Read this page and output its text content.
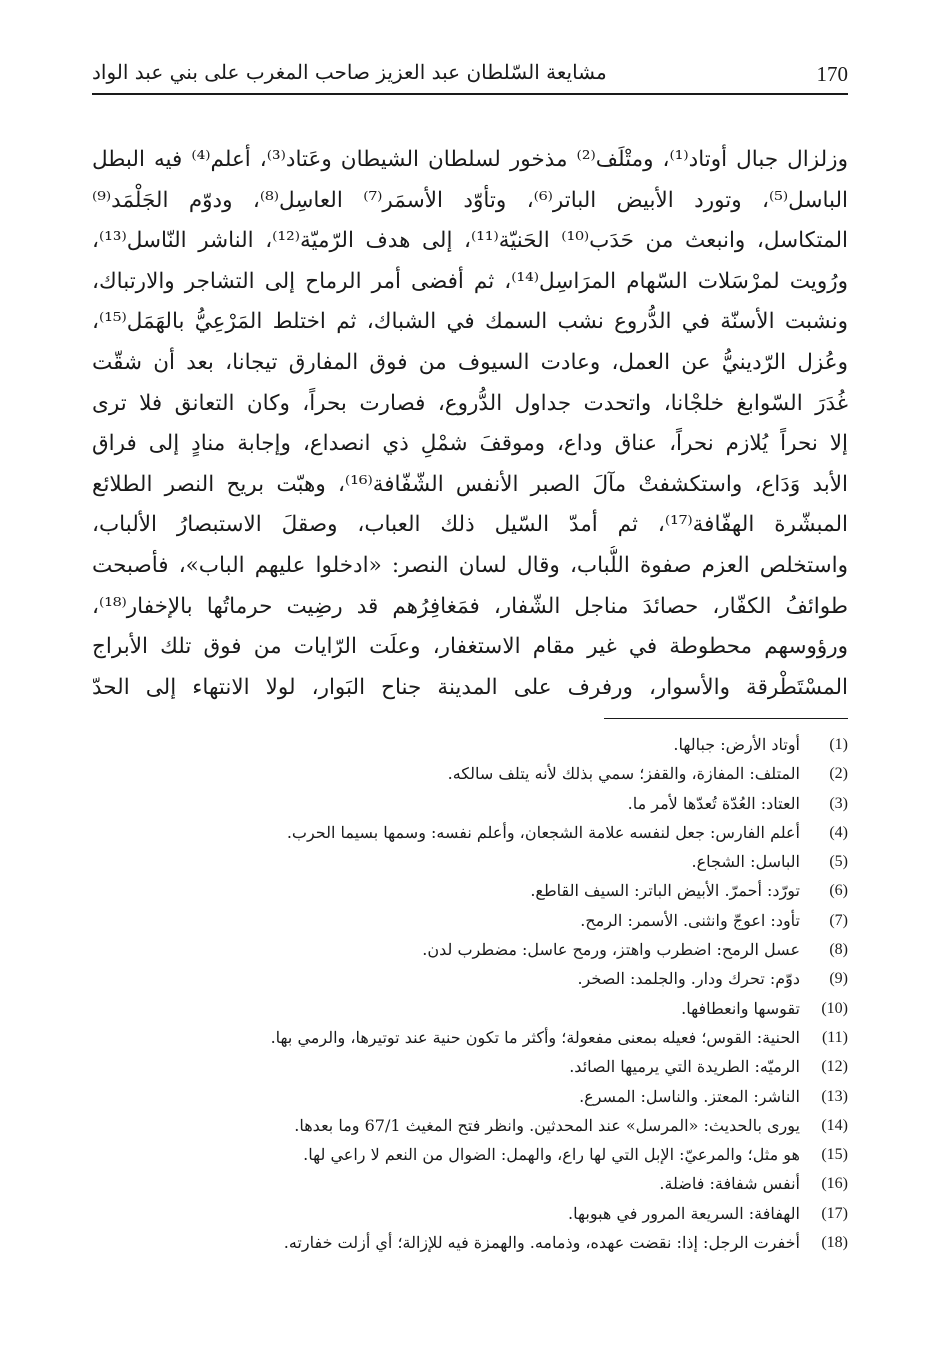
مشايعة السّلطان عبد العزيز صاحب المغرب على بني عبد الواد	170
وزلزال جبال أوتاد⁽¹⁾، ومتْلَف⁽²⁾ مذخور لسلطان الشيطان وعَتاد⁽³⁾، أعلم⁽⁴⁾ فيه البطل
الباسل⁽⁵⁾، وتورد الأبيض الباتر⁽⁶⁾، وتأوّد الأسمَر⁽⁷⁾ العاسِل⁽⁸⁾، ودوّم الجَلْمَد⁽⁹⁾
المتكاسل، وانبعث من حَدَب⁽¹⁰⁾ الحَنيّة⁽¹¹⁾، إلى هدف الرّميّة⁽¹²⁾، الناشر النّاسل⁽¹³⁾،
ورُويت لمرْسَلات السّهام المرَاسِل⁽¹⁴⁾، ثم أفضى أمر الرماح إلى التشاجر والارتباك،
ونشبت الأسنّة في الدُّروع نشب السمك في الشباك، ثم اختلط المَرْعِيُّ بالهَمَل⁽¹⁵⁾،
وعُزل الرّدينيُّ عن العمل، وعادت السيوف من فوق المفارق تيجانا، بعد أن شقّت
غُدَرَ السّوابغ خلجْانا، واتحدت جداول الدُّروع، فصارت بحراً، وكان التعانق فلا ترى
إلا نحراً يُلازم نحراً، عناق وداع، وموقفَ شمْلِ ذي انصداع، وإجابة منادٍ إلى فراق
الأبد وَدَاع، واستكشفتْ مآلَ الصبر الأنفس الشّفّافة⁽¹⁶⁾، وهبّت بريح النصر الطلائع
المبشّرة الهفّافة⁽¹⁷⁾، ثم أمدّ السّيل ذلك العباب، وصقلَ الاستبصارُ الألباب،
واستخلص العزم صفوة اللُّباب، وقال لسان النصر: «ادخلوا عليهم الباب»، فأصبحت
طوائفُ الكفّار، حصائدَ مناجل الشّفار، فمَغافِرُهم قد رضِيت حرماتُها بالإخفار⁽¹⁸⁾،
ورؤوسهم محطوطة في غير مقام الاستغفار، وعلَت الرّايات من فوق تلك الأبراج
المسْتَطْرقة والأسوار، ورفرف على المدينة جناح البَوار، لولا الانتهاء إلى الحدّ
(1)
أوتاد الأرض: جبالها.
(2)
المتلف: المفازة، والقفز؛ سمي بذلك لأنه يتلف سالكه.
(3)
العتاد: العُدّة تُعدّها لأمر ما.
(4)
أعلم الفارس: جعل لنفسه علامة الشجعان، وأعلم نفسه: وسمها بسيما الحرب.
(5)
الباسل: الشجاع.
(6)
تورّد: أحمرّ. الأبيض الباتر: السيف القاطع.
(7)
تأود: اعوجّ وانثنى. الأسمر: الرمح.
(8)
عسل الرمح: اضطرب واهتز، ورمح عاسل: مضطرب لدن.
(9)
دوّم: تحرك ودار. والجلمد: الصخر.
(10)
تقوسها وانعطافها.
(11)
الحنية: القوس؛ فعيله بمعنى مفعولة؛ وأكثر ما تكون حنية عند توتيرها، والرمي بها.
(12)
الرميّه: الطريدة التي يرميها الصائد.
(13)
الناشر: المعتز. والناسل: المسرع.
(14)
يورى بالحديث: «المرسل» عند المحدثين. وانظر فتح المغيث 67/1 وما بعدها.
(15)
هو مثل؛ والمرعيّ: الإبل التي لها راع، والهمل: الضوال من النعم لا راعي لها.
(16)
أنفس شفافة: فاضلة.
(17)
الهفافة: السريعة المرور في هبوبها.
(18)
أخفرت الرجل: إذا: نقضت عهده، وذمامه. والهمزة فيه للإزالة؛ أي أزلت خفارته.
